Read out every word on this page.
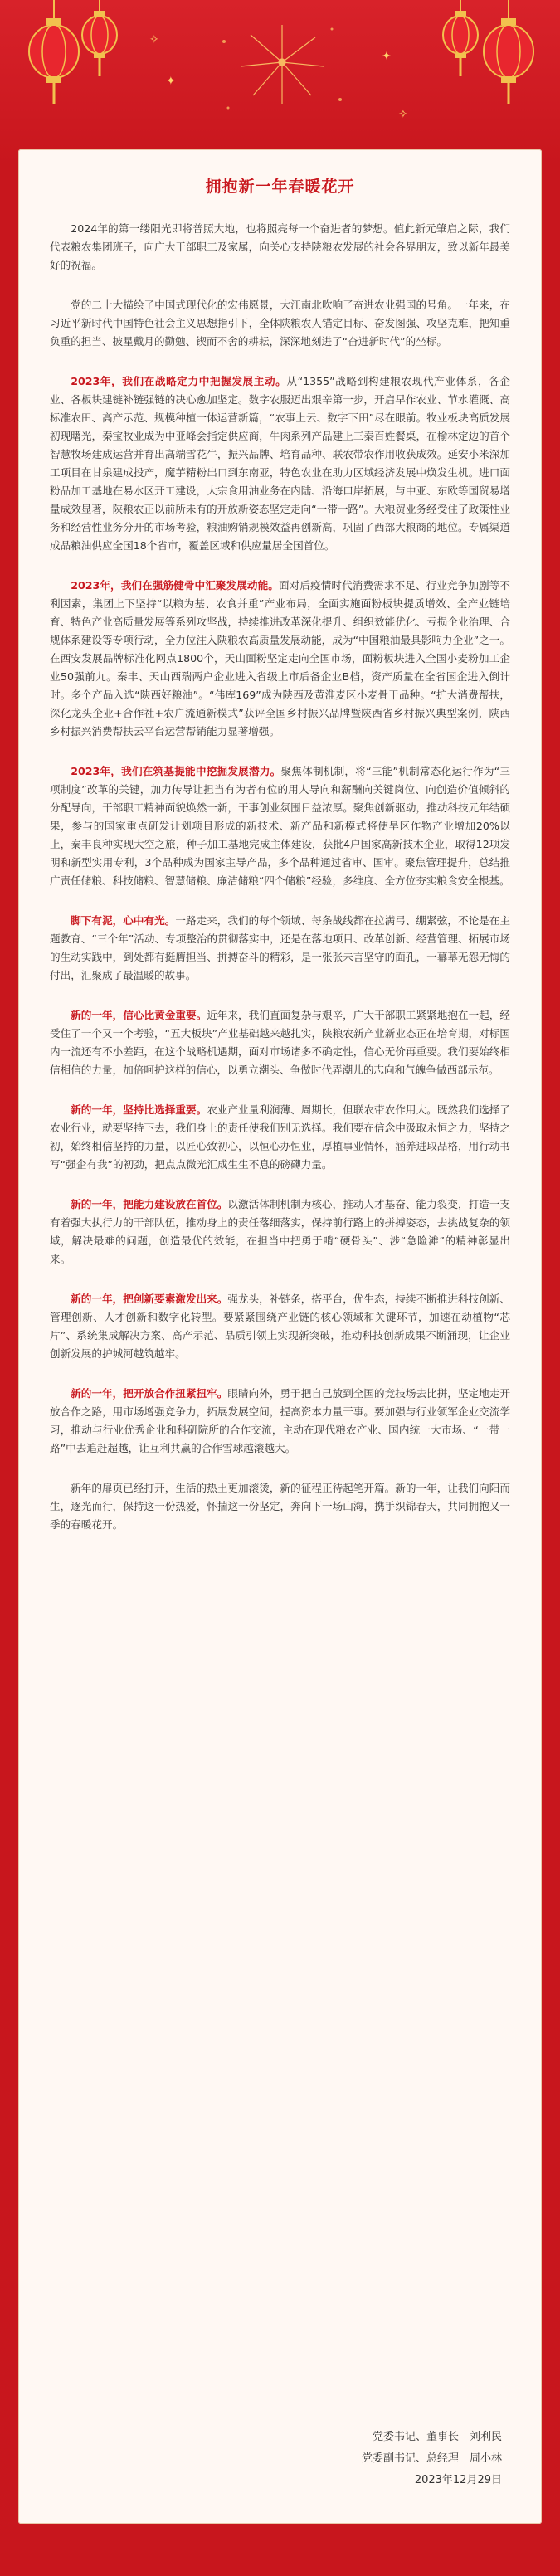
✦
✦
✧
✧
拥抱新一年春暖花开

2024年的第一缕阳光即将普照大地，也将照亮每一个奋进者的梦想。值此新元肇启之际，我们代表粮农集团班子，向广大干部职工及家属，向关心支持陕粮农发展的社会各界朋友，致以新年最美好的祝福。

党的二十大描绘了中国式现代化的宏伟愿景，大江南北吹响了奋进农业强国的号角。一年来，在习近平新时代中国特色社会主义思想指引下，全体陕粮农人锚定目标、奋发图强、攻坚克难，把知重负重的担当、披星戴月的勤勉、锲而不舍的耕耘，深深地刻进了“奋进新时代”的坐标。

2023年，我们在战略定力中把握发展主动。从“1355”战略到构建粮农现代产业体系，各企业、各板块建链补链强链的决心愈加坚定。数字农服迈出艰辛第一步，开启早作农业、节水灌溉、高标准农田、高产示范、规模种植一体运营新篇，“农事上云、数字下田”尽在眼前。牧业板块高质发展初现曙光，秦宝牧业成为中亚峰会指定供应商，牛肉系列产品建上三秦百姓餐桌，在榆林定边的首个智慧牧场建成运营并育出高端雪花牛，振兴品牌、培育品种、联农带农作用收获成效。延安小米深加工项目在甘泉建成投产，魔芋精粉出口到东南亚，特色农业在助力区域经济发展中焕发生机。进口面粉品加工基地在易水区开工建设，大宗食用油业务在内陆、沿海口岸拓展，与中亚、东欧等国贸易增量成效显著，陕粮农正以前所未有的开放新姿态坚定走向“一带一路”。大粮贸业务经受住了政策性业务和经营性业务分开的市场考验，粮油购销规模效益再创新高，巩固了西部大粮商的地位。专属渠道成品粮油供应全国18个省市，覆盖区域和供应量居全国首位。

2023年，我们在强筋健骨中汇聚发展动能。面对后疫情时代消费需求不足、行业竞争加剧等不利因素，集团上下坚持“以粮为基、农食并重”产业布局，全面实施面粉板块提质增效、全产业链培育、特色产业高质量发展等系列攻坚战，持续推进改革深化提升、组织效能优化、亏损企业治理、合规体系建设等专项行动，全力位注入陕粮农高质量发展动能，成为“中国粮油最具影响力企业”之一。在西安发展品牌标准化网点1800个，天山面粉坚定走向全国市场，面粉板块进入全国小麦粉加工企业50强前九。秦丰、天山西瑞两户企业进入省级上市后备企业B档，资产质量在全省国企进入倒计时。多个产品入选“陕西好粮油”。“伟库169”成为陕西及黄淮麦区小麦骨干品种。“扩大消费帮扶，深化龙头企业+合作社+农户流通新模式”获评全国乡村振兴品牌暨陕西省乡村振兴典型案例，陕西乡村振兴消费帮扶云平台运营帮销能力显著增强。

2023年，我们在筑基提能中挖掘发展潜力。聚焦体制机制，将“三能”机制常态化运行作为“三项制度”改革的关键，加力传导让担当有为者有位的用人导向和薪酬向关键岗位、向创造价值倾斜的分配导向，干部职工精神面貌焕然一新，干事创业氛围日益浓厚。聚焦创新驱动，推动科技元年结硕果，参与的国家重点研发计划项目形成的新技术、新产品和新模式将使旱区作物产业增加20%以上，秦丰良种实现大空之旅，种子加工基地完成主体建设，获批4户国家高新技术企业，取得12项发明和新型实用专利，3个品种成为国家主导产品，多个品种通过省审、国审。聚焦管理提升，总结推广责任储粮、科技储粮、智慧储粮、廉洁储粮“四个储粮”经验，多维度、全方位夯实粮食安全根基。

脚下有泥，心中有光。一路走来，我们的每个领域、每条战线都在拉满弓、绷紧弦，不论是在主题教育、“三个年”活动、专项整治的贯彻落实中，还是在落地项目、改革创新、经营管理、拓展市场的生动实践中，到处都有挺膺担当、拼搏奋斗的精彩，是一张张未言坚守的面孔，一幕幕无怨无悔的付出，汇聚成了最温暖的故事。

新的一年，信心比黄金重要。近年来，我们直面复杂与艰辛，广大干部职工紧紧地抱在一起，经受住了一个又一个考验，“五大板块”产业基础越来越扎实，陕粮农新产业新业态正在培育期，对标国内一流还有不小差距，在这个战略机遇期，面对市场诸多不确定性，信心无价再重要。我们要始终相信相信的力量，加倍呵护这样的信心，以勇立潮头、争做时代弄潮儿的志向和气魄争做西部示范。

新的一年，坚持比选择重要。农业产业量利润薄、周期长，但联农带农作用大。既然我们选择了农业行业，就要坚持下去，我们身上的责任使我们别无选择。我们要在信念中汲取永恒之力，坚持之初，始终相信坚持的力量，以匠心致初心，以恒心办恒业，厚植事业情怀，涵养进取品格，用行动书写“强企有我”的初劲，把点点微光汇成生生不息的磅礴力量。

新的一年，把能力建设放在首位。以激活体制机制为核心，推动人才基奋、能力裂变，打造一支有着强大执行力的干部队伍，推动身上的责任落细落实，保持前行路上的拼搏姿态，去挑战复杂的领域，解决最难的问题，创造最优的效能，在担当中把勇于啃“硬骨头”、涉“急险滩”的精神彰显出来。

新的一年，把创新要素激发出来。强龙头，补链条，搭平台，优生态，持续不断推进科技创新、管理创新、人才创新和数字化转型。要紧紧围绕产业链的核心领域和关键环节，加速在动植物“芯片”、系统集成解决方案、高产示范、品质引领上实现新突破，推动科技创新成果不断涌现，让企业创新发展的护城河越筑越牢。

新的一年，把开放合作扭紧扭牢。眼睛向外，勇于把自己放到全国的竞技场去比拼，坚定地走开放合作之路，用市场增强竞争力，拓展发展空间，提高资本力量干事。要加强与行业领军企业交流学习，推动与行业优秀企业和科研院所的合作交流，主动在现代粮农产业、国内统一大市场、“一带一路”中去追赶超越，让互利共赢的合作雪球越滚越大。

新年的扉页已经打开，生活的热土更加滚烫，新的征程正待起笔开篇。新的一年，让我们向阳而生，逐光而行，保持这一份热爱，怀揣这一份坚定，奔向下一场山海，携手织锦春天，共同拥抱又一季的春暖花开。

党委书记、董事长　刘利民
党委副书记、总经理　周小林
2023年12月29日
